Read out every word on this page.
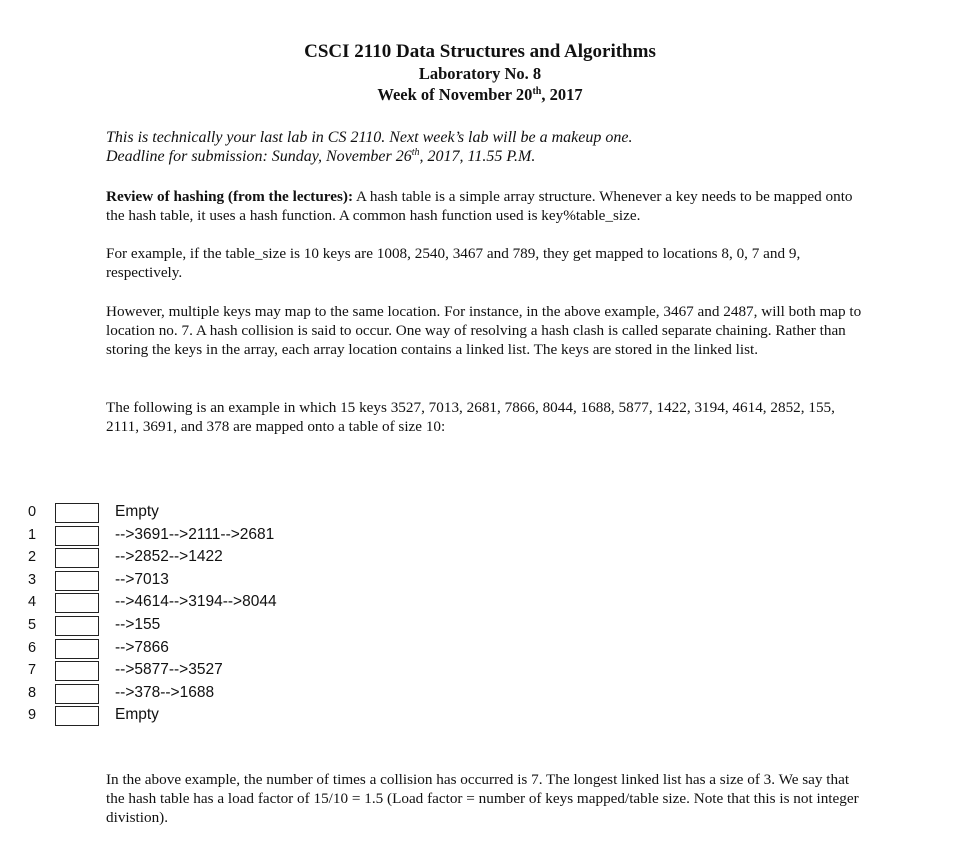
CSCI 2110 Data Structures and Algorithms
Laboratory No. 8
Week of November 20th, 2017
This is technically your last lab in CS 2110. Next week’s lab will be a makeup one.
Deadline for submission: Sunday, November 26th, 2017, 11.55 P.M.
Review of hashing (from the lectures): A hash table is a simple array structure. Whenever a key needs to be mapped onto the hash table, it uses a hash function. A common hash function used is key%table_size.
For example, if the table_size is 10 keys are 1008, 2540, 3467 and 789, they get mapped to locations 8, 0, 7 and 9, respectively.
However, multiple keys may map to the same location. For instance, in the above example, 3467 and 2487, will both map to location no. 7. A hash collision is said to occur. One way of resolving a hash clash is called separate chaining. Rather than storing the keys in the array, each array location contains a linked list. The keys are stored in the linked list.
The following is an example in which 15 keys 3527, 7013, 2681, 7866, 8044, 1688, 5877, 1422, 3194, 4614, 2852, 155, 2111, 3691, and 378 are mapped onto a table of size 10:
0	Empty
1	-->3691-->2111-->2681
2	-->2852-->1422
3	-->7013
4	-->4614-->3194-->8044
5	-->155
6	-->7866
7	-->5877-->3527
8	-->378-->1688
9	Empty
In the above example, the number of times a collision has occurred is 7. The longest linked list has a size of 3. We say that the hash table has a load factor of 15/10 = 1.5 (Load factor = number of keys mapped/table size. Note that this is not integer divistion).
